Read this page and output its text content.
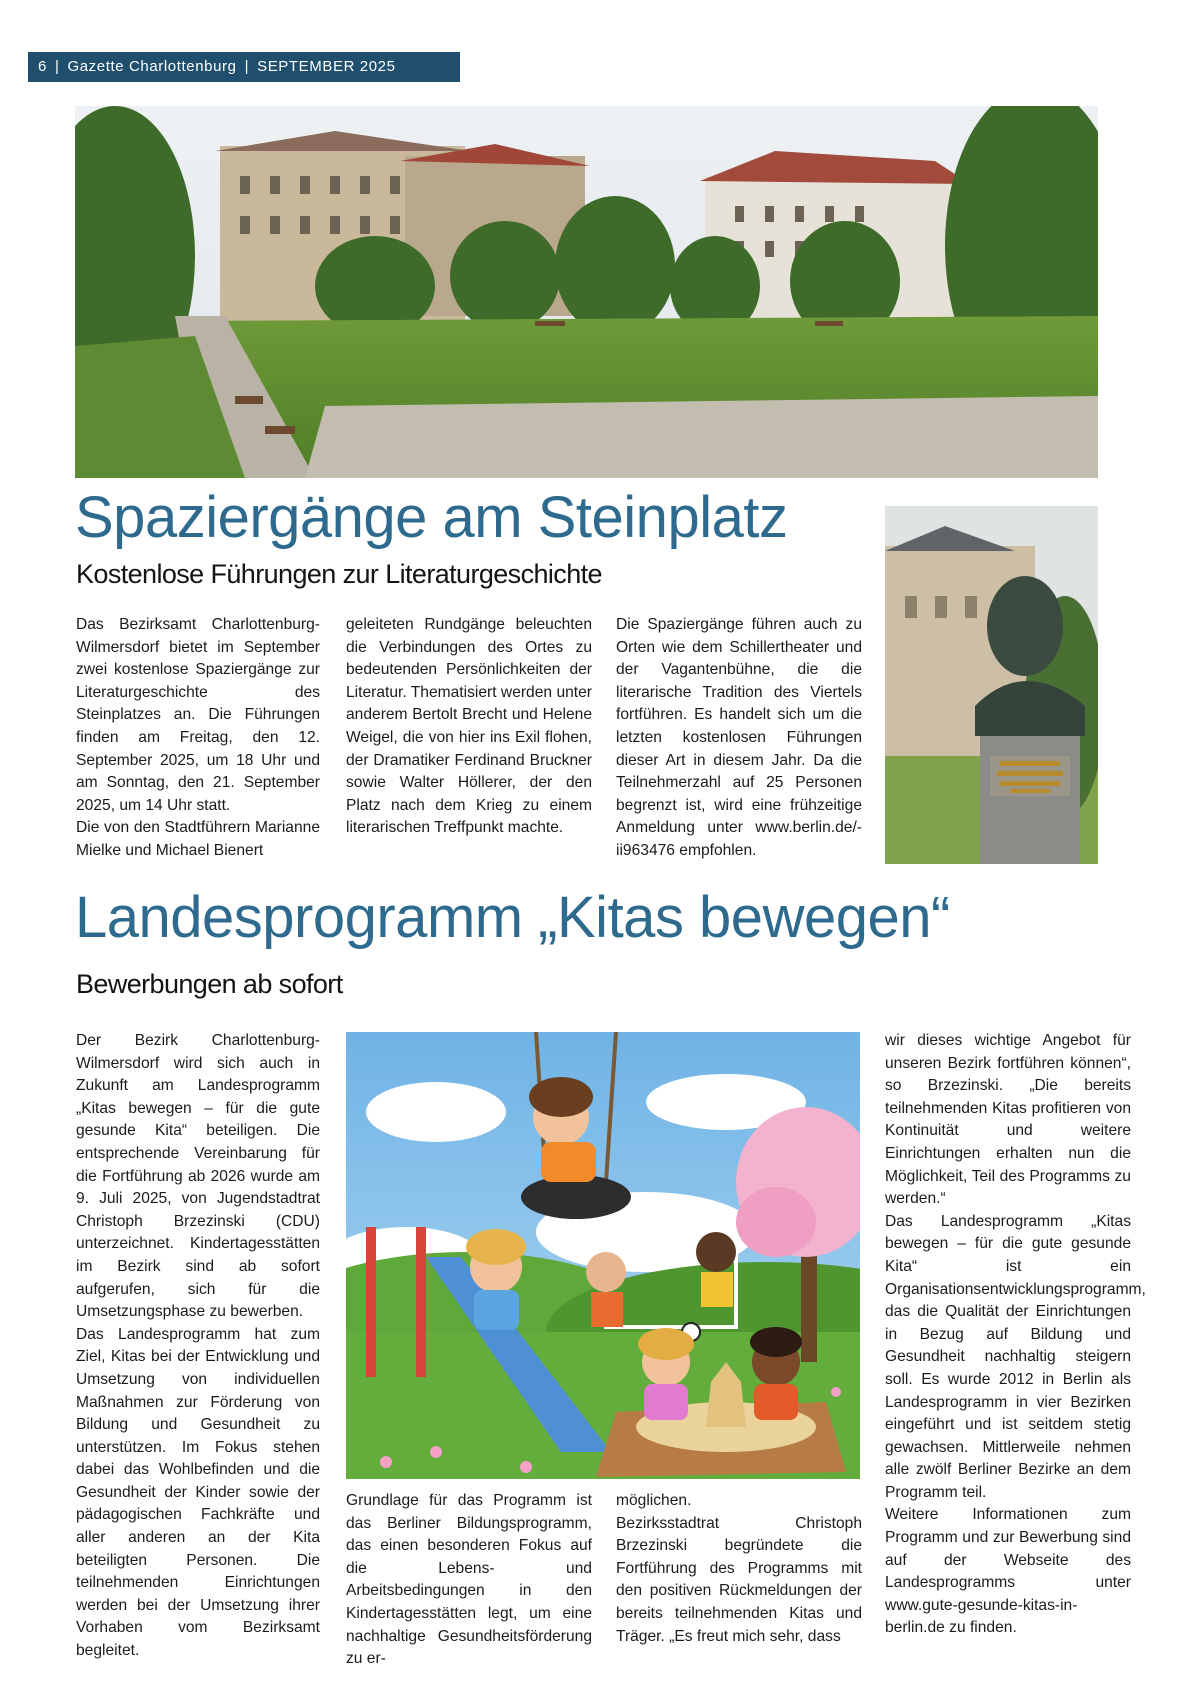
6 | Gazette Charlottenburg | SEPTEMBER 2025
Spaziergänge am Steinplatz
Kostenlose Führungen zur Literaturgeschichte

Das Bezirksamt Charlottenburg-Wilmersdorf bietet im September zwei kostenlose Spaziergänge zur Literaturgeschichte des Steinplatzes an. Die Führungen finden am Freitag, den 12. September 2025, um 18 Uhr und am Sonntag, den 21. September 2025, um 14 Uhr statt.

Die von den Stadtführern Marianne Mielke und Michael Bienert

geleiteten Rundgänge beleuchten die Verbindungen des Ortes zu bedeutenden Persönlichkeiten der Literatur. Thematisiert werden unter anderem Bertolt Brecht und Helene Weigel, die von hier ins Exil flohen, der Dramatiker Ferdinand Bruckner sowie Walter Höllerer, der den Platz nach dem Krieg zu einem literarischen Treffpunkt machte.

Die Spaziergänge führen auch zu Orten wie dem Schillertheater und der Vagantenbühne, die die literarische Tradition des Viertels fortführen. Es handelt sich um die letzten kostenlosen Führungen dieser Art in diesem Jahr. Da die Teilnehmerzahl auf 25 Personen begrenzt ist, wird eine frühzeitige Anmeldung unter www.berlin.de/-ii963476 empfohlen.

Landesprogramm „Kitas bewegen“
Bewerbungen ab sofort

Der Bezirk Charlottenburg-Wilmersdorf wird sich auch in Zukunft am Landesprogramm „Kitas bewegen – für die gute gesunde Kita“ beteiligen. Die entsprechende Vereinbarung für die Fortführung ab 2026 wurde am 9. Juli 2025, von Jugendstadtrat Christoph Brzezinski (CDU) unterzeichnet. Kindertagesstätten im Bezirk sind ab sofort aufgerufen, sich für die Umsetzungsphase zu bewerben.

Das Landesprogramm hat zum Ziel, Kitas bei der Entwicklung und Umsetzung von individuellen Maßnahmen zur Förderung von Bildung und Gesundheit zu unterstützen. Im Fokus stehen dabei das Wohlbefinden und die Gesundheit der Kinder sowie der pädagogischen Fachkräfte und aller anderen an der Kita beteiligten Personen. Die teilnehmenden Einrichtungen werden bei der Umsetzung ihrer Vorhaben vom Bezirksamt begleitet.

Grundlage für das Programm ist das Berliner Bildungsprogramm, das einen besonderen Fokus auf die Lebens- und Arbeitsbedingungen in den Kindertagesstätten legt, um eine nachhaltige Gesundheitsförderung zu er-

möglichen.

Bezirksstadtrat Christoph Brzezinski begründete die Fortführung des Programms mit den positiven Rückmeldungen der bereits teilnehmenden Kitas und Träger. „Es freut mich sehr, dass

wir dieses wichtige Angebot für unseren Bezirk fortführen können“, so Brzezinski. „Die bereits teilnehmenden Kitas profitieren von Kontinuität und weitere Einrichtungen erhalten nun die Möglichkeit, Teil des Programms zu werden.“

Das Landesprogramm „Kitas bewegen – für die gute gesunde Kita“ ist ein Organisationsentwicklungsprogramm, das die Qualität der Einrichtungen in Bezug auf Bildung und Gesundheit nachhaltig steigern soll. Es wurde 2012 in Berlin als Landesprogramm in vier Bezirken eingeführt und ist seitdem stetig gewachsen. Mittlerweile nehmen alle zwölf Berliner Bezirke an dem Programm teil.

Weitere Informationen zum Programm und zur Bewerbung sind auf der Webseite des Landesprogramms unter www.gute-gesunde-kitas-in-berlin.de zu finden.
